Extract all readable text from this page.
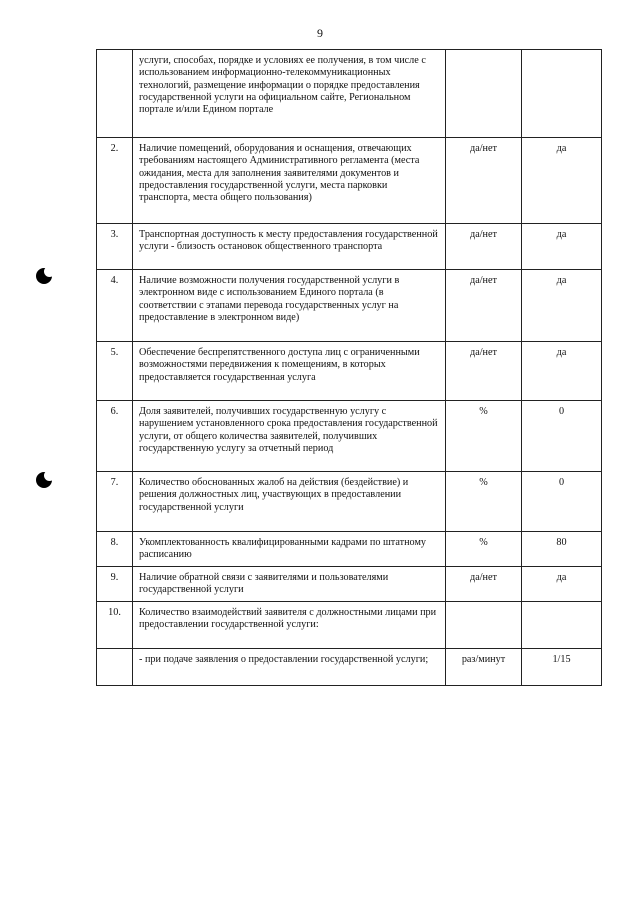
9
	услуги, способах, порядке и условиях ее получения, в том числе с использованием информационно-телекоммуникационных технологий, размещение информации о порядке предоставления государственной услуги на официальном сайте, Региональном портале и/или Едином портале		
2.	Наличие помещений, оборудования и оснащения, отвечающих требованиям настоящего Административного регламента (места ожидания, места для заполнения заявителями документов и предоставления государственной услуги, места парковки транспорта, места общего пользования)	да/нет	да
3.	Транспортная доступность к месту предоставления государственной услуги - близость остановок общественного транспорта	да/нет	да
4.	Наличие возможности получения государственной услуги в электронном виде с использованием Единого портала (в соответствии с этапами перевода государственных услуг на предоставление в электронном виде)	да/нет	да
5.	Обеспечение беспрепятственного доступа лиц с ограниченными возможностями передвижения к помещениям, в которых предоставляется государственная услуга	да/нет	да
6.	Доля заявителей, получивших государственную услугу с нарушением установленного срока предоставления государственной услуги, от общего количества заявителей, получивших государственную услугу за отчетный период	%	0
7.	Количество обоснованных жалоб на действия (бездействие) и решения должностных лиц, участвующих в предоставлении государственной услуги	%	0
8.	Укомплектованность квалифицированными кадрами по штатному расписанию	%	80
9.	Наличие обратной связи с заявителями и пользователями государственной услуги	да/нет	да
10.	Количество взаимодействий заявителя с должностными лицами при предоставлении государственной услуги:		
	- при подаче заявления о предоставлении государственной услуги;	раз/минут	1/15
